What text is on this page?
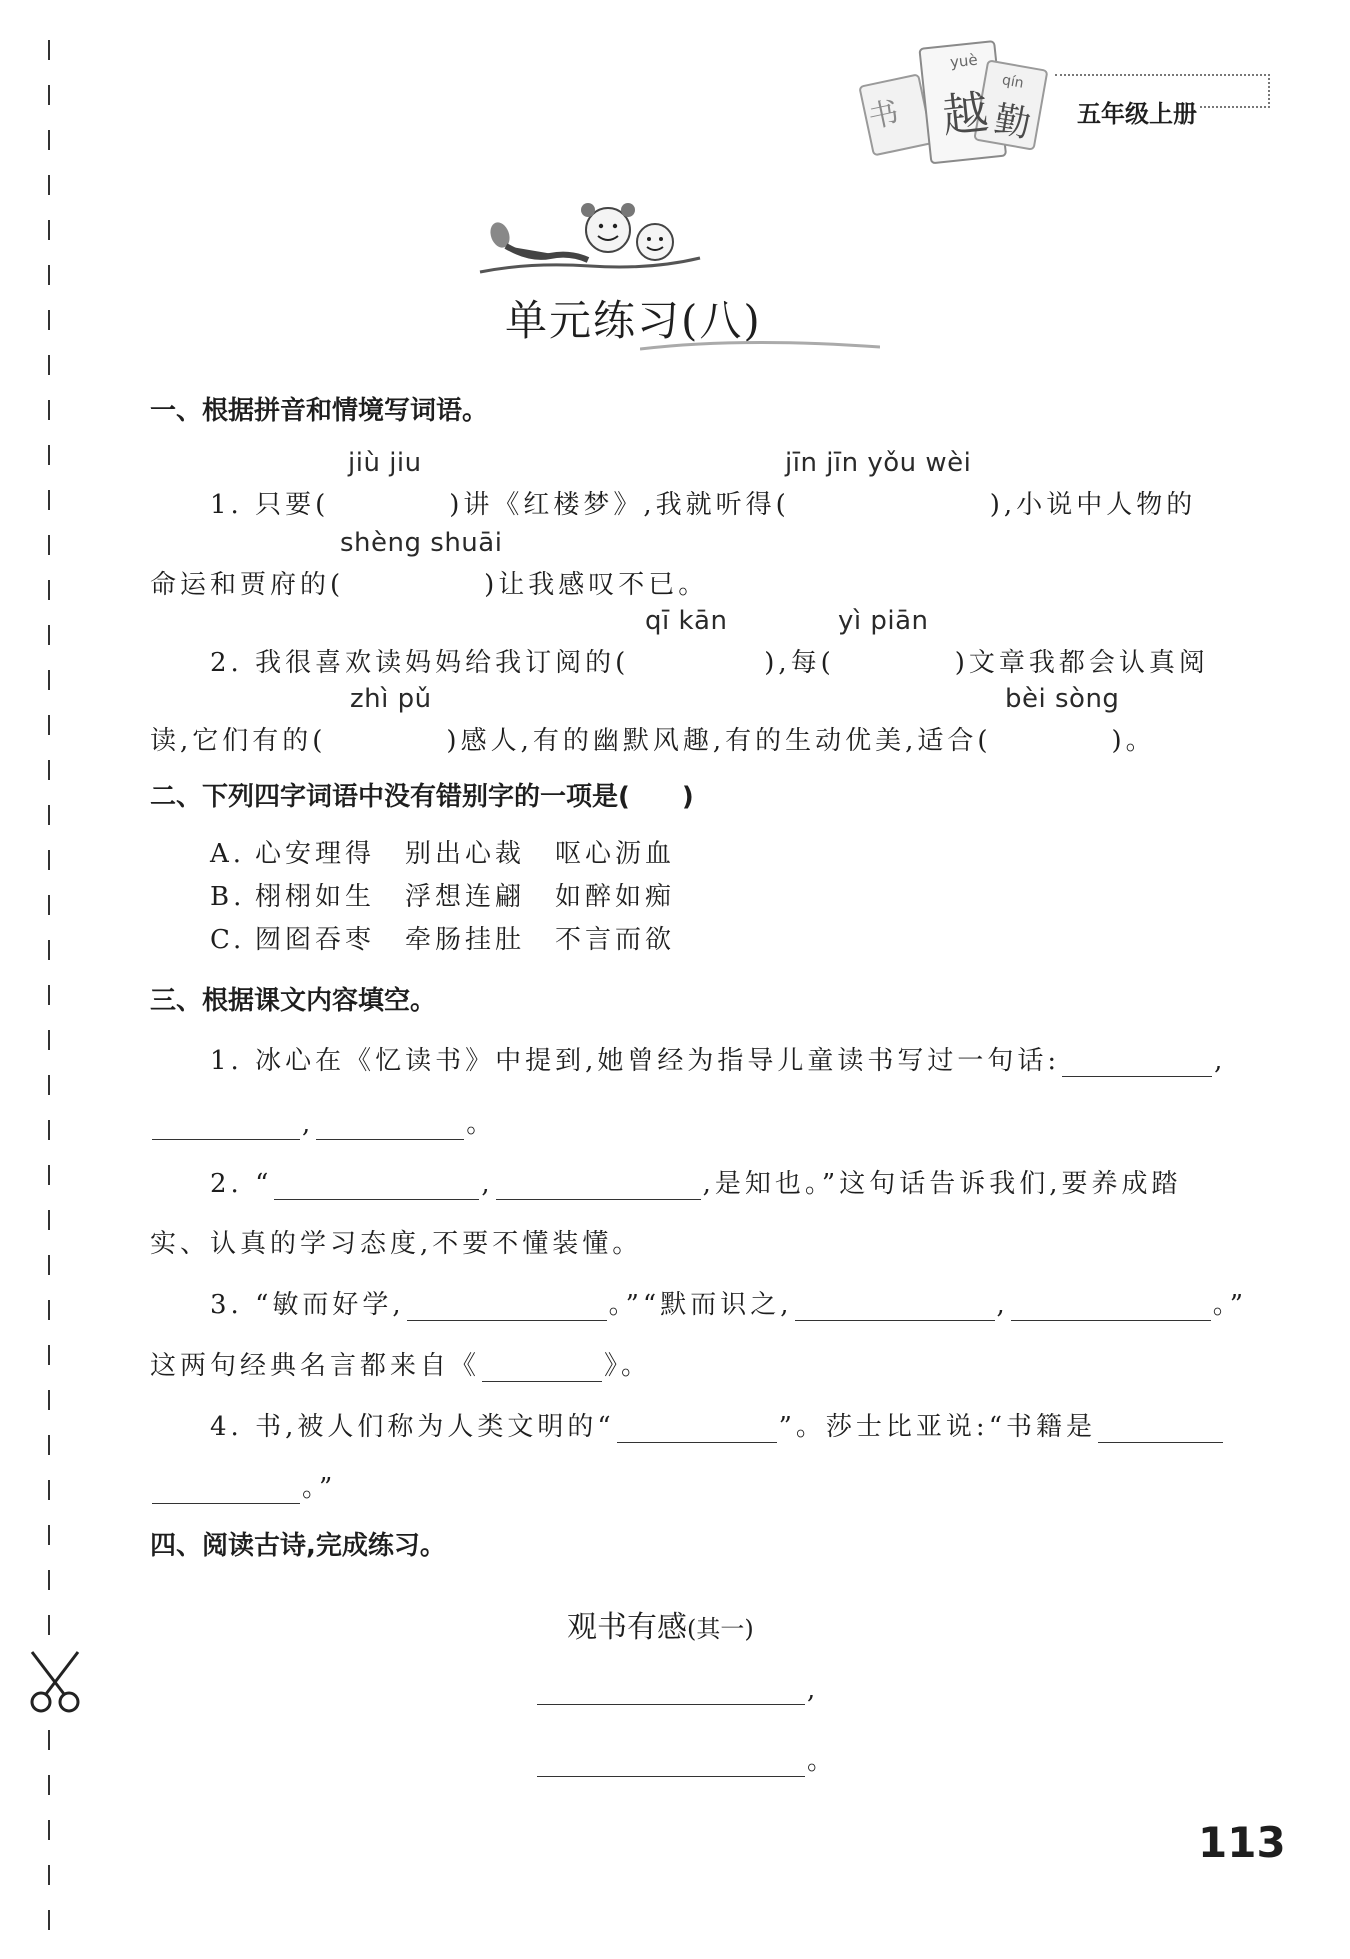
书
yuè
越
qín
勤 五年级上册
单元练习(八)
一、根据拼音和情境写词语。
jiù jiu	jīn jīn yǒu wèi
1. 只要(	)讲《红楼梦》,我就听得(	),小说中人物的
shèng shuāi
命运和贾府的(	)让我感叹不已。
qī kān	yì piān
2. 我很喜欢读妈妈给我订阅的(	),每(	)文章我都会认真阅
zhì pǔ	bèi sòng
读,它们有的(	)感人,有的幽默风趣,有的生动优美,适合(	)。
二、下列四字词语中没有错别字的一项是( )
A. 心安理得 别出心裁 呕心沥血
B. 栩栩如生 浮想连翩 如醉如痴
C. 囫囵吞枣 牵肠挂肚 不言而欲
三、根据课文内容填空。
1. 冰心在《忆读书》中提到,她曾经为指导儿童读书写过一句话:	,
,	。
2. “	,	,是知也。”这句话告诉我们,要养成踏
实、认真的学习态度,不要不懂装懂。
3. “敏而好学,	。”“默而识之,	,	。”
这两句经典名言都来自《	》。
4. 书,被人们称为人类文明的“	”。莎士比亚说:“书籍是
。”
四、阅读古诗,完成练习。
观书有感(其一)
,
。
113
